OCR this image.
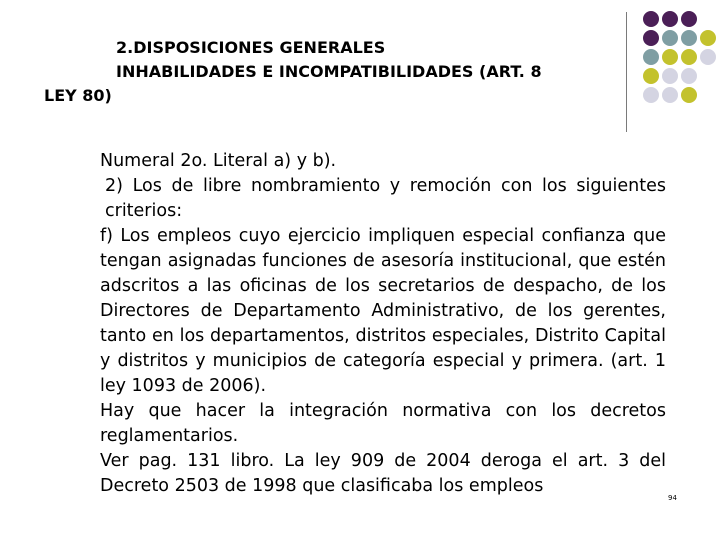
2.DISPOSICIONES GENERALES
INHABILIDADES E INCOMPATIBILIDADES (ART. 8
LEY 80)

Numeral 2o. Literal a) y b).

2) Los de libre nombramiento y remoción con los siguientes criterios:

f) Los empleos cuyo ejercicio impliquen especial confianza que tengan asignadas funciones de asesoría institucional, que estén adscritos a las oficinas de los secretarios de despacho, de los Directores de Departamento Administrativo, de los gerentes, tanto en los departamentos, distritos especiales, Distrito Capital y distritos y municipios de categoría especial y primera. (art. 1 ley 1093 de 2006).

Hay que hacer la integración normativa con los decretos reglamentarios.

Ver pag. 131 libro. La ley 909 de 2004 deroga el art. 3 del Decreto 2503 de 1998 que clasificaba los empleos

94
